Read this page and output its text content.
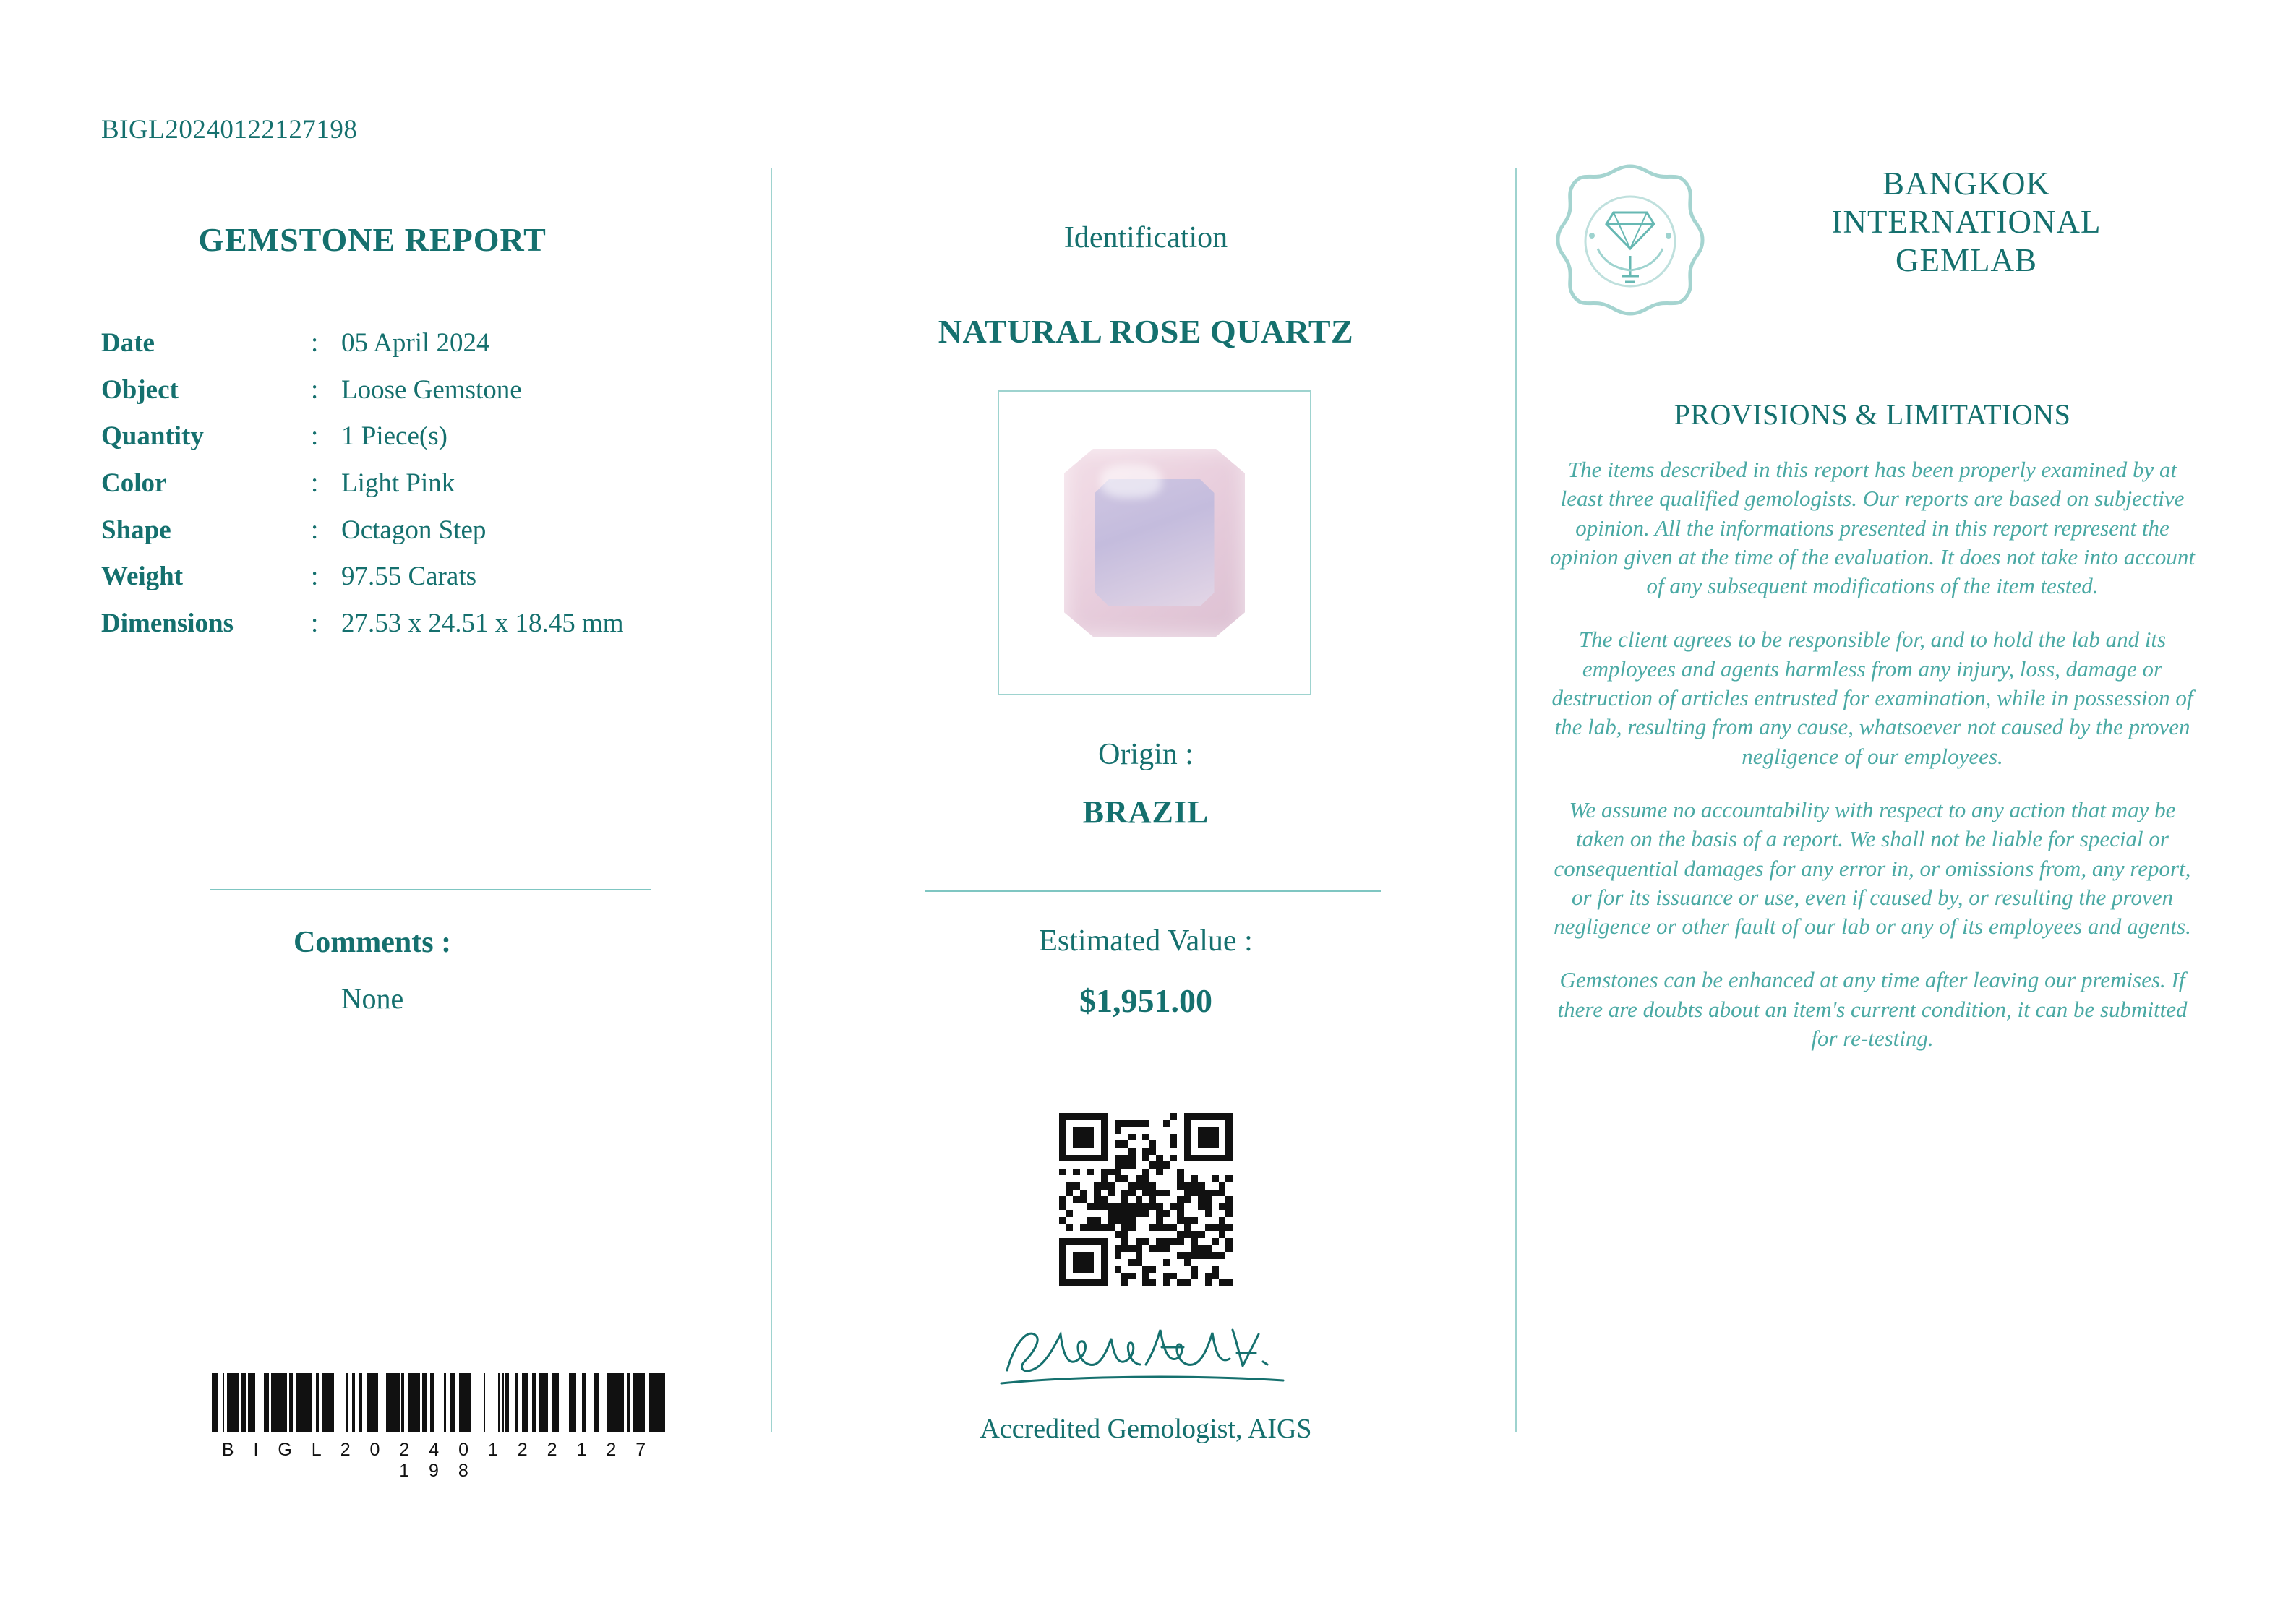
BIGL20240122127198
GEMSTONE REPORT
Date	:	05 April 2024
Object	:	Loose Gemstone
Quantity	:	1 Piece(s)
Color	:	Light Pink
Shape	:	Octagon Step
Weight	:	97.55 Carats
Dimensions	:	27.53 x 24.51 x 18.45 mm
Comments :
None
B I G L 2 0 2 4 0 1 2 2 1 2 7 1 9 8
Identification
NATURAL ROSE QUARTZ
Origin :
BRAZIL
Estimated Value :
$1,951.00
Accredited Gemologist, AIGS
BANGKOK
INTERNATIONAL
GEMLAB
PROVISIONS & LIMITATIONS

The items described in this report has been properly examined by at least three qualified gemologists. Our reports are based on subjective opinion. All the informations presented in this report represent the opinion given at the time of the evaluation. It does not take into account of any subsequent modifications of the item tested.

The client agrees to be responsible for, and to hold the lab and its employees and agents harmless from any injury, loss, damage or destruction of articles entrusted for examination, while in possession of the lab, resulting from any cause, whatsoever not caused by the proven negligence of our employees.

We assume no accountability with respect to any action that may be taken on the basis of a report. We shall not be liable for special or consequential damages for any error in, or omissions from, any report, or for its issuance or use, even if caused by, or resulting the proven negligence or other fault of our lab or any of its employees and agents.

Gemstones can be enhanced at any time after leaving our premises. If there are doubts about an item's current condition, it can be submitted for re-testing.
